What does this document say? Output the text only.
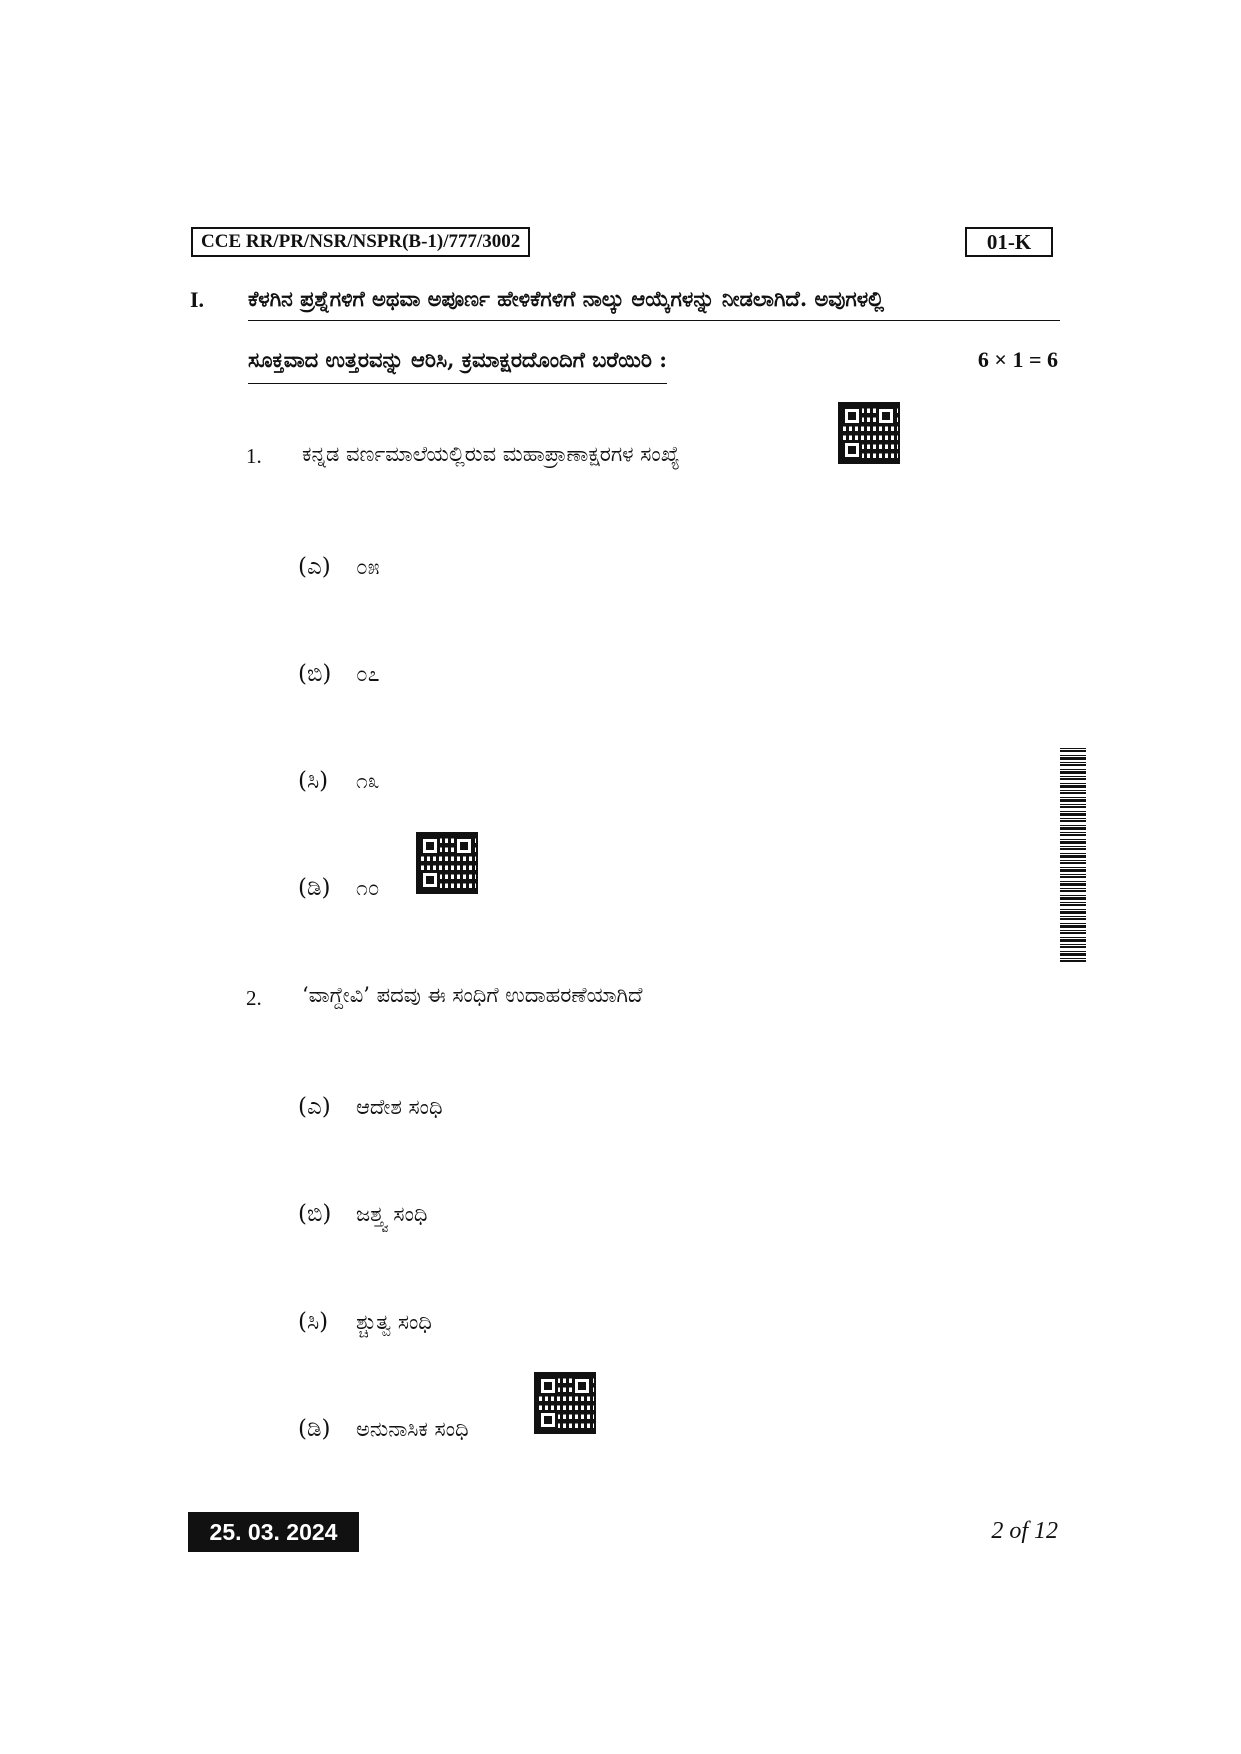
CCE RR/PR/NSR/NSPR(B-1)/777/3002	01-K
I. ಕೆಳಗಿನ ಪ್ರಶ್ನೆಗಳಿಗೆ ಅಥವಾ ಅಪೂರ್ಣ ಹೇಳಿಕೆಗಳಿಗೆ ನಾಲ್ಕು ಆಯ್ಕೆಗಳನ್ನು ನೀಡಲಾಗಿದೆ. ಅವುಗಳಲ್ಲಿ
ಸೂಕ್ತವಾದ ಉತ್ತರವನ್ನು ಆರಿಸಿ, ಕ್ರಮಾಕ್ಷರದೊಂದಿಗೆ ಬರೆಯಿರಿ :	6 × 1 = 6
1. ಕನ್ನಡ ವರ್ಣಮಾಲೆಯಲ್ಲಿರುವ ಮಹಾಪ್ರಾಣಾಕ್ಷರಗಳ ಸಂಖ್ಯೆ
(ಎ) ೦೫
(ಬಿ) ೦೭
(ಸಿ) ೧೩
(ಡಿ) ೧೦
2. ‘ವಾಗ್ದೇವಿ’ ಪದವು ಈ ಸಂಧಿಗೆ ಉದಾಹರಣೆಯಾಗಿದೆ
(ಎ) ಆದೇಶ ಸಂಧಿ
(ಬಿ) ಜಶ್ತ್ವ ಸಂಧಿ
(ಸಿ) ಶ್ಚುತ್ವ ಸಂಧಿ
(ಡಿ) ಅನುನಾಸಿಕ ಸಂಧಿ
25. 03. 2024	2 of 12
